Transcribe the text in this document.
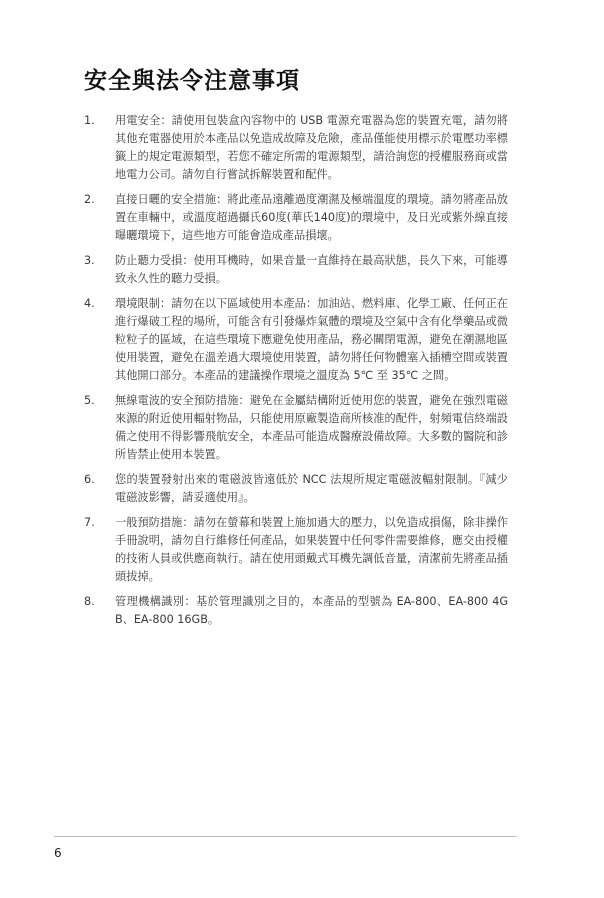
安全與法令注意事項
1. 用電安全：請使用包裝盒內容物中的 USB 電源充電器為您的裝置充電，請勿將其他充電器使用於本產品以免造成故障及危險，產品僅能使用標示於電壓功率標籤上的規定電源類型，若您不確定所需的電源類型，請洽詢您的授權服務商或當地電力公司。請勿自行嘗試拆解裝置和配件。
2. 直接日曬的安全措施：將此產品遠離過度潮濕及極端溫度的環境。請勿將產品放置在車輛中，或溫度超過攝氏60度(華氏140度)的環境中，及日光或紫外線直接曝曬環境下，這些地方可能會造成產品損壞。
3. 防止聽力受損：使用耳機時，如果音量一直維持在最高狀態，長久下來，可能導致永久性的聽力受損。
4. 環境限制：請勿在以下區域使用本產品：加油站、燃料庫、化學工廠、任何正在進行爆破工程的場所，可能含有引發爆炸氣體的環境及空氣中含有化學藥品或微粒粒子的區域，在這些環境下應避免使用產品，務必關閉電源，避免在潮濕地區使用裝置，避免在溫差過大環境使用裝置，請勿將任何物體塞入插槽空間或裝置其他開口部分。本產品的建議操作環境之溫度為 5℃ 至 35℃ 之間。
5. 無線電波的安全預防措施：避免在金屬結構附近使用您的裝置，避免在強烈電磁來源的附近使用輻射物品，只能使用原廠製造商所核准的配件，射頻電信終端設備之使用不得影響飛航安全，本產品可能造成醫療設備故障。大多數的醫院和診所皆禁止使用本裝置。
6. 您的裝置發射出來的電磁波皆遠低於 NCC 法規所規定電磁波輻射限制。『減少電磁波影響，請妥適使用』。
7. 一般預防措施：請勿在螢幕和裝置上施加過大的壓力，以免造成損傷，除非操作手冊說明，請勿自行維修任何產品，如果裝置中任何零件需要維修，應交由授權的技術人員或供應商執行。請在使用頭戴式耳機先調低音量，清潔前先將產品插頭拔掉。
8. 管理機構識別：基於管理識別之目的，本產品的型號為 EA-800、EA-800 4GB、EA-800 16GB。
6
